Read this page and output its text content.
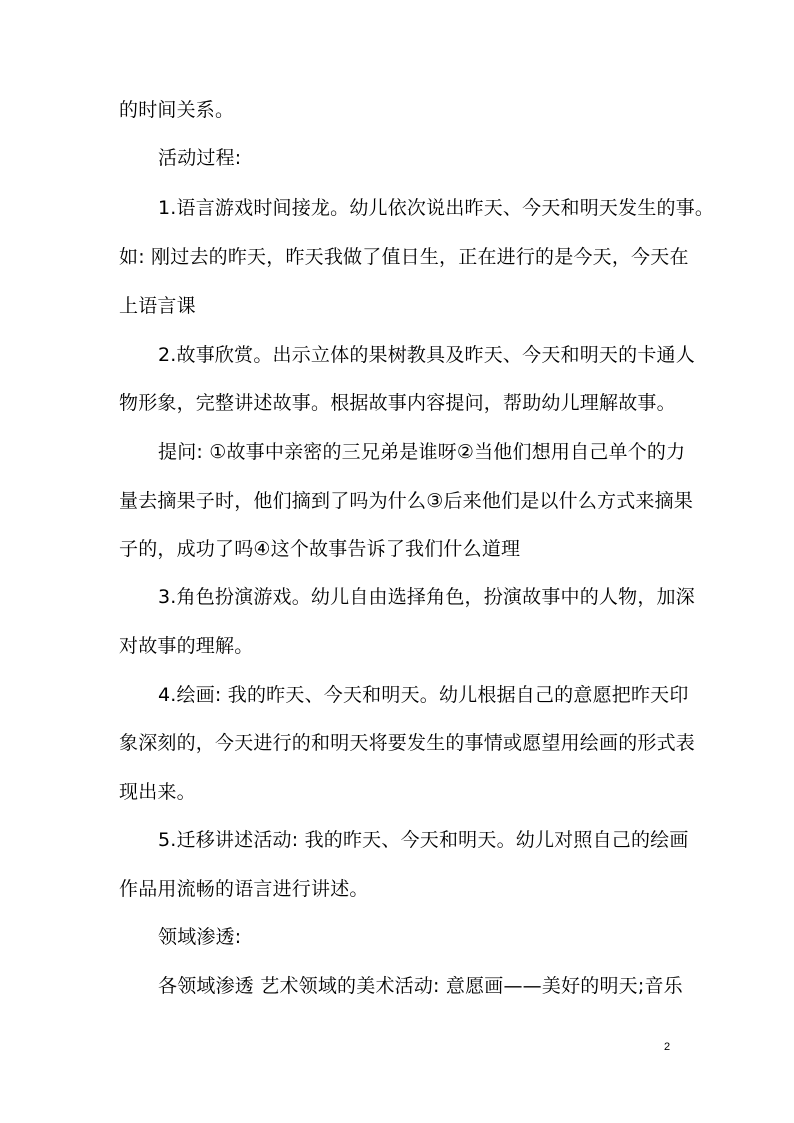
的时间关系。
活动过程:
1.语言游戏时间接龙。幼儿依次说出昨天、今天和明天发生的事。
如: 刚过去的昨天，昨天我做了值日生，正在进行的是今天，今天在
上语言课
2.故事欣赏。出示立体的果树教具及昨天、今天和明天的卡通人
物形象，完整讲述故事。根据故事内容提问，帮助幼儿理解故事。
提问: ①故事中亲密的三兄弟是谁呀②当他们想用自己单个的力
量去摘果子时，他们摘到了吗为什么③后来他们是以什么方式来摘果
子的，成功了吗④这个故事告诉了我们什么道理
3.角色扮演游戏。幼儿自由选择角色，扮演故事中的人物，加深
对故事的理解。
4.绘画: 我的昨天、今天和明天。幼儿根据自己的意愿把昨天印
象深刻的，今天进行的和明天将要发生的事情或愿望用绘画的形式表
现出来。
5.迁移讲述活动: 我的昨天、今天和明天。幼儿对照自己的绘画
作品用流畅的语言进行讲述。
领域渗透:
各领域渗透 艺术领域的美术活动: 意愿画——美好的明天;音乐
2
